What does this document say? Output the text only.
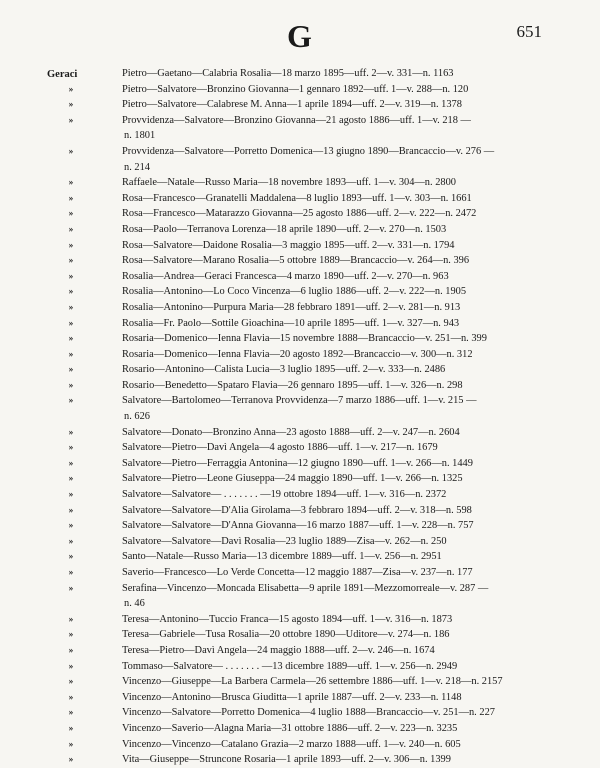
G	651
Geraci	Pietro—Gaetano—Calabria Rosalia—18 marzo 1895—uff. 2—v. 331—n. 1163
»	Pietro—Salvatore—Bronzino Giovanna—1 gennaro 1892—uff. 1—v. 288—n. 120
»	Pietro—Salvatore—Calabrese M. Anna—1 aprile 1894—uff. 2—v. 319—n. 1378
»	Provvidenza—Salvatore—Bronzino Giovanna—21 agosto 1886—uff. 1—v. 218 —
n. 1801
»	Provvidenza—Salvatore—Porretto Domenica—13 giugno 1890—Brancaccio—v. 276 —
n. 214
»	Raffaele—Natale—Russo Maria—18 novembre 1893—uff. 1—v. 304—n. 2800
»	Rosa—Francesco—Granatelli Maddalena—8 luglio 1893—uff. 1—v. 303—n. 1661
»	Rosa—Francesco—Matarazzo Giovanna—25 agosto 1886—uff. 2—v. 222—n. 2472
»	Rosa—Paolo—Terranova Lorenza—18 aprile 1890—uff. 2—v. 270—n. 1503
»	Rosa—Salvatore—Daidone Rosalia—3 maggio 1895—uff. 2—v. 331—n. 1794
»	Rosa—Salvatore—Marano Rosalia—5 ottobre 1889—Brancaccio—v. 264—n. 396
»	Rosalia—Andrea—Geraci Francesca—4 marzo 1890—uff. 2—v. 270—n. 963
»	Rosalia—Antonino—Lo Coco Vincenza—6 luglio 1886—uff. 2—v. 222—n. 1905
»	Rosalia—Antonino—Purpura Maria—28 febbraro 1891—uff. 2—v. 281—n. 913
»	Rosalia—Fr. Paolo—Sottile Gioachina—10 aprile 1895—uff. 1—v. 327—n. 943
»	Rosaria—Domenico—Ienna Flavia—15 novembre 1888—Brancaccio—v. 251—n. 399
»	Rosaria—Domenico—Ienna Flavia—20 agosto 1892—Brancaccio—v. 300—n. 312
»	Rosario—Antonino—Calista Lucia—3 luglio 1895—uff. 2—v. 333—n. 2486
»	Rosario—Benedetto—Spataro Flavia—26 gennaro 1895—uff. 1—v. 326—n. 298
»	Salvatore—Bartolomeo—Terranova Provvidenza—7 marzo 1886—uff. 1—v. 215 —
n. 626
»	Salvatore—Donato—Bronzino Anna—23 agosto 1888—uff. 2—v. 247—n. 2604
»	Salvatore—Pietro—Davì Angela—4 agosto 1886—uff. 1—v. 217—n. 1679
»	Salvatore—Pietro—Ferraggia Antonina—12 giugno 1890—uff. 1—v. 266—n. 1449
»	Salvatore—Pietro—Leone Giuseppa—24 maggio 1890—uff. 1—v. 266—n. 1325
»	Salvatore—Salvatore— . . . . . . . —19 ottobre 1894—uff. 1—v. 316—n. 2372
»	Salvatore—Salvatore—D'Alia Girolama—3 febbraro 1894—uff. 2—v. 318—n. 598
»	Salvatore—Salvatore—D'Anna Giovanna—16 marzo 1887—uff. 1—v. 228—n. 757
»	Salvatore—Salvatore—Davì Rosalia—23 luglio 1889—Zisa—v. 262—n. 250
»	Santo—Natale—Russo Maria—13 dicembre 1889—uff. 1—v. 256—n. 2951
»	Saverio—Francesco—Lo Verde Concetta—12 maggio 1887—Zisa—v. 237—n. 177
»	Serafina—Vincenzo—Moncada Elisabetta—9 aprile 1891—Mezzomorreale—v. 287 —
n. 46
»	Teresa—Antonino—Tuccio Franca—15 agosto 1894—uff. 1—v. 316—n. 1873
»	Teresa—Gabriele—Tusa Rosalia—20 ottobre 1890—Uditore—v. 274—n. 186
»	Teresa—Pietro—Davì Angela—24 maggio 1888—uff. 2—v. 246—n. 1674
»	Tommaso—Salvatore— . . . . . . . —13 dicembre 1889—uff. 1—v. 256—n. 2949
»	Vincenzo—Giuseppe—La Barbera Carmela—26 settembre 1886—uff. 1—v. 218—n. 2157
»	Vincenzo—Antonino—Brusca Giuditta—1 aprile 1887—uff. 2—v. 233—n. 1148
»	Vincenzo—Salvatore—Porretto Domenica—4 luglio 1888—Brancaccio—v. 251—n. 227
»	Vincenzo—Saverio—Alagna Maria—31 ottobre 1886—uff. 2—v. 223—n. 3235
»	Vincenzo—Vincenzo—Catalano Grazia—2 marzo 1888—uff. 1—v. 240—n. 605
»	Vita—Giuseppe—Struncone Rosaria—1 aprile 1893—uff. 2—v. 306—n. 1399
